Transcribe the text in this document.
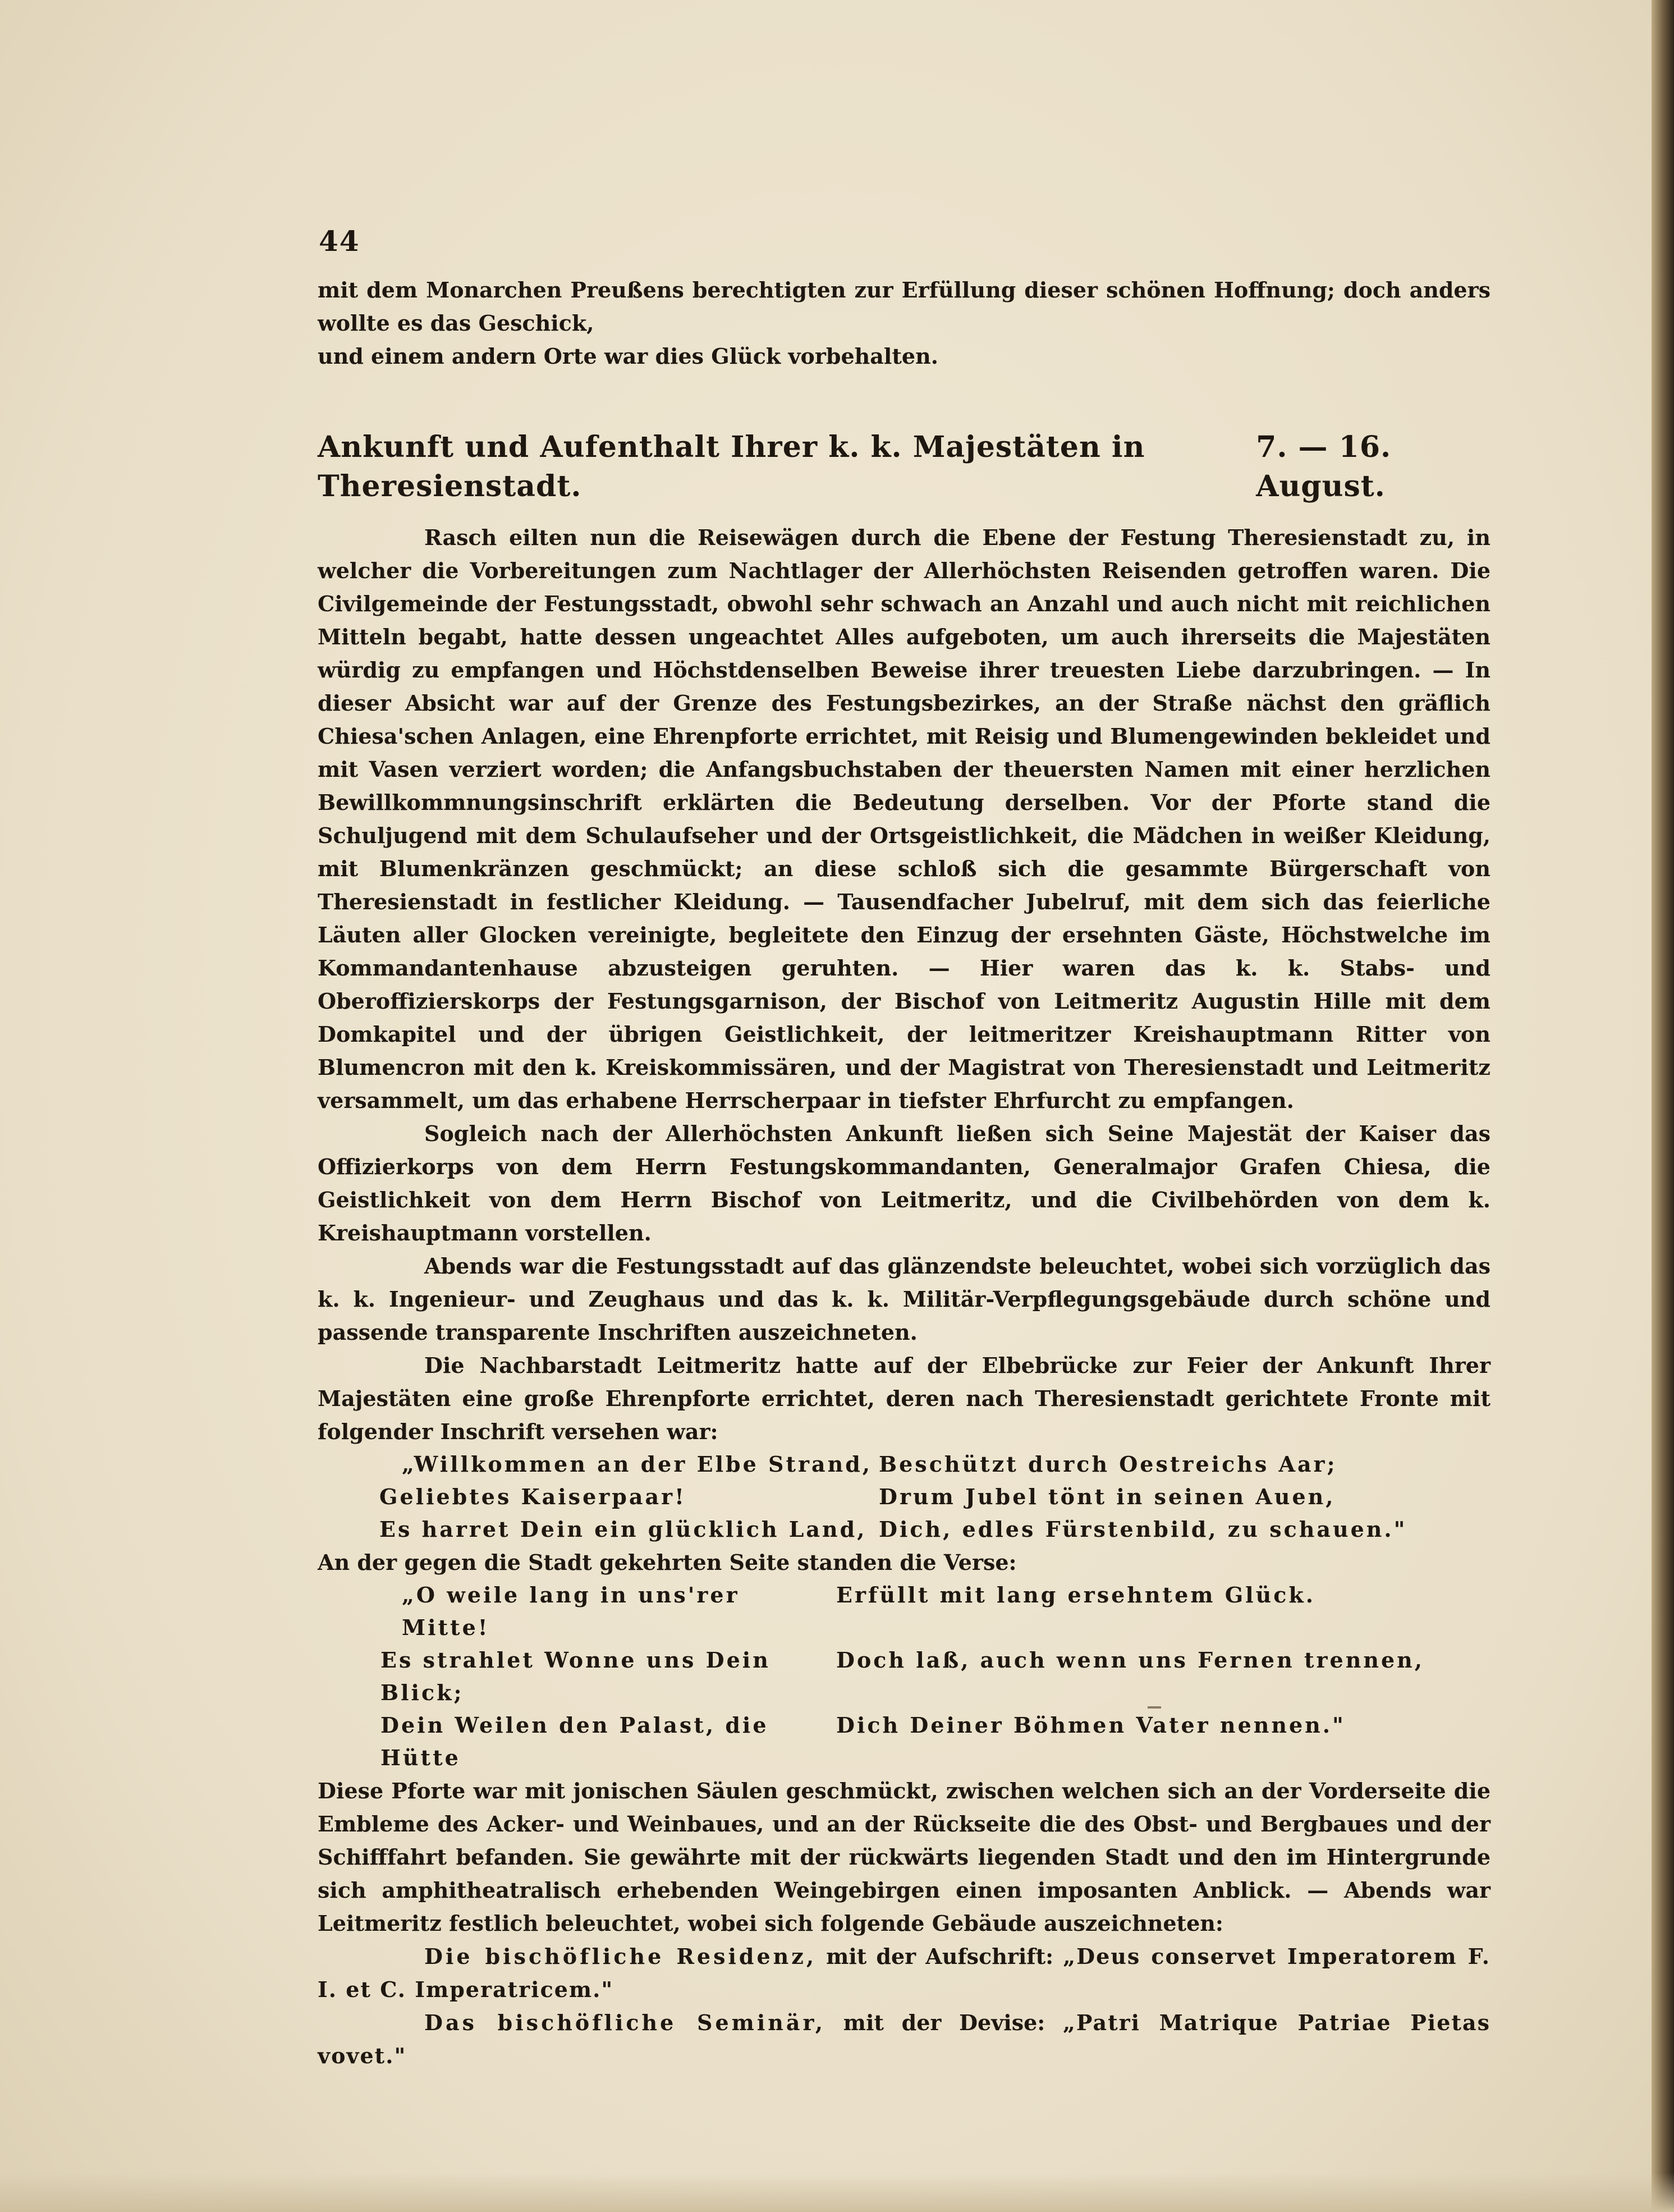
44

mit dem Monarchen Preußens berechtigten zur Erfüllung dieser schönen Hoffnung; doch anders wollte es das Geschick,

und einem andern Orte war dies Glück vorbehalten.

Ankunft und Aufenthalt Ihrer k. k. Majestäten in Theresienstadt.
7. — 16. August.

Rasch eilten nun die Reisewägen durch die Ebene der Festung Theresienstadt zu, in welcher die Vorbereitungen zum Nachtlager der Allerhöchsten Reisenden getroffen waren. Die Civilgemeinde der Festungsstadt, obwohl sehr schwach an Anzahl und auch nicht mit reichlichen Mitteln begabt, hatte dessen ungeachtet Alles aufgeboten, um auch ihrerseits die Majestäten würdig zu empfangen und Höchstdenselben Beweise ihrer treuesten Liebe darzubringen. — In dieser Absicht war auf der Grenze des Festungsbezirkes, an der Straße nächst den gräflich Chiesa'schen Anlagen, eine Ehrenpforte errichtet, mit Reisig und Blumengewinden bekleidet und mit Vasen verziert worden; die Anfangsbuchstaben der theuersten Namen mit einer herzlichen Bewillkommnungsinschrift erklärten die Bedeutung derselben. Vor der Pforte stand die Schuljugend mit dem Schulaufseher und der Ortsgeistlichkeit, die Mädchen in weißer Kleidung, mit Blumenkränzen geschmückt; an diese schloß sich die gesammte Bürgerschaft von Theresienstadt in festlicher Kleidung. — Tausendfacher Jubelruf, mit dem sich das feierliche Läuten aller Glocken vereinigte, begleitete den Einzug der ersehnten Gäste, Höchstwelche im Kommandantenhause abzusteigen geruhten. — Hier waren das k. k. Stabs- und Oberoffizierskorps der Festungsgarnison, der Bischof von Leitmeritz Augustin Hille mit dem Domkapitel und der übrigen Geistlichkeit, der leitmeritzer Kreishauptmann Ritter von Blumencron mit den k. Kreiskommissären, und der Magistrat von Theresienstadt und Leitmeritz versammelt, um das erhabene Herrscherpaar in tiefster Ehrfurcht zu empfangen.

Sogleich nach der Allerhöchsten Ankunft ließen sich Seine Majestät der Kaiser das Offizierkorps von dem Herrn Festungskommandanten, Generalmajor Grafen Chiesa, die Geistlichkeit von dem Herrn Bischof von Leitmeritz, und die Civilbehörden von dem k. Kreishauptmann vorstellen.

Abends war die Festungsstadt auf das glänzendste beleuchtet, wobei sich vorzüglich das k. k. Ingenieur- und Zeughaus und das k. k. Militär-Verpflegungsgebäude durch schöne und passende transparente Inschriften auszeichneten.

Die Nachbarstadt Leitmeritz hatte auf der Elbebrücke zur Feier der Ankunft Ihrer Majestäten eine große Ehrenpforte errichtet, deren nach Theresienstadt gerichtete Fronte mit folgender Inschrift versehen war:

„Willkommen an der Elbe Strand, Beschützt durch Oestreichs Aar;
Geliebtes Kaiserpaar!	Drum Jubel tönt in seinen Auen,
Es harret Dein ein glücklich Land, Dich, edles Fürstenbild, zu schauen."

An der gegen die Stadt gekehrten Seite standen die Verse:

„O weile lang in uns'rer Mitte!
Erfüllt mit lang ersehntem Glück.
Es strahlet Wonne uns Dein Blick;
Doch laß, auch wenn uns Fernen trennen,
Dein Weilen den Palast, die Hütte
Dich Deiner Böhmen Vater nennen."

Diese Pforte war mit jonischen Säulen geschmückt, zwischen welchen sich an der Vorderseite die Embleme des Acker- und Weinbaues, und an der Rückseite die des Obst- und Bergbaues und der Schifffahrt befanden. Sie gewährte mit der rückwärts liegenden Stadt und den im Hintergrunde sich amphitheatralisch erhebenden Weingebirgen einen imposanten Anblick. — Abends war Leitmeritz festlich beleuchtet, wobei sich folgende Gebäude auszeichneten:

Die bischöfliche Residenz, mit der Aufschrift: „Deus conservet Imperatorem F. I. et C. Imperatricem."

Das bischöfliche Seminär, mit der Devise: „Patri Matrique Patriae Pietas vovet."
